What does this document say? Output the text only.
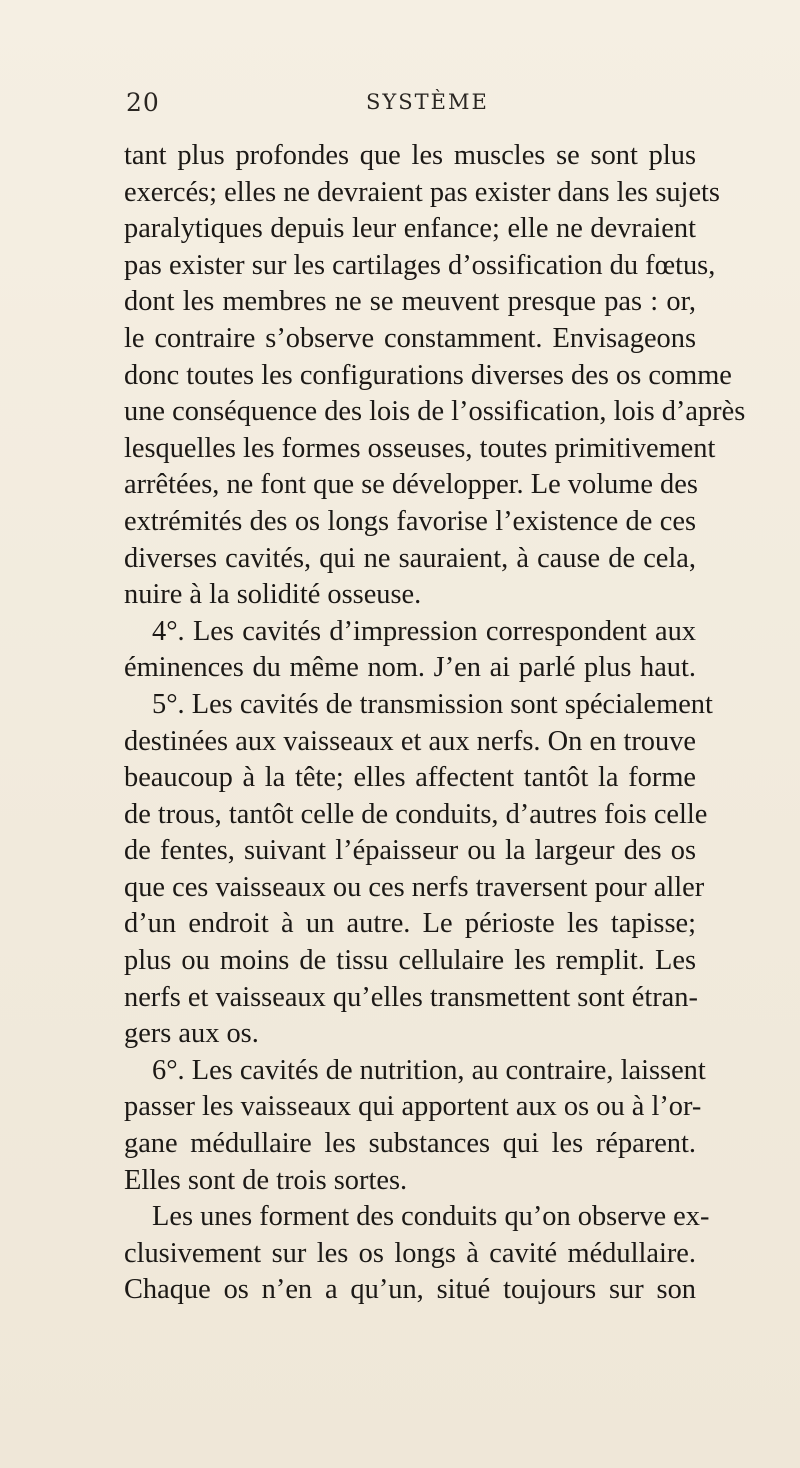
20	SYSTÈME
tant plus profondes que les muscles se sont plus
exercés; elles ne devraient pas exister dans les sujets
paralytiques depuis leur enfance; elle ne devraient
pas exister sur les cartilages d’ossification du fœtus,
dont les membres ne se meuvent presque pas : or,
le contraire s’observe constamment. Envisageons
donc toutes les configurations diverses des os comme
une conséquence des lois de l’ossification, lois d’après
lesquelles les formes osseuses, toutes primitivement
arrêtées, ne font que se développer. Le volume des
extrémités des os longs favorise l’existence de ces
diverses cavités, qui ne sauraient, à cause de cela,
nuire à la solidité osseuse.
4°. Les cavités d’impression correspondent aux
éminences du même nom. J’en ai parlé plus haut.
5°. Les cavités de transmission sont spécialement
destinées aux vaisseaux et aux nerfs. On en trouve
beaucoup à la tête; elles affectent tantôt la forme
de trous, tantôt celle de conduits, d’autres fois celle
de fentes, suivant l’épaisseur ou la largeur des os
que ces vaisseaux ou ces nerfs traversent pour aller
d’un endroit à un autre. Le périoste les tapisse;
plus ou moins de tissu cellulaire les remplit. Les
nerfs et vaisseaux qu’elles transmettent sont étran-
gers aux os.
6°. Les cavités de nutrition, au contraire, laissent
passer les vaisseaux qui apportent aux os ou à l’or-
gane médullaire les substances qui les réparent.
Elles sont de trois sortes.
Les unes forment des conduits qu’on observe ex-
clusivement sur les os longs à cavité médullaire.
Chaque os n’en a qu’un, situé toujours sur son
